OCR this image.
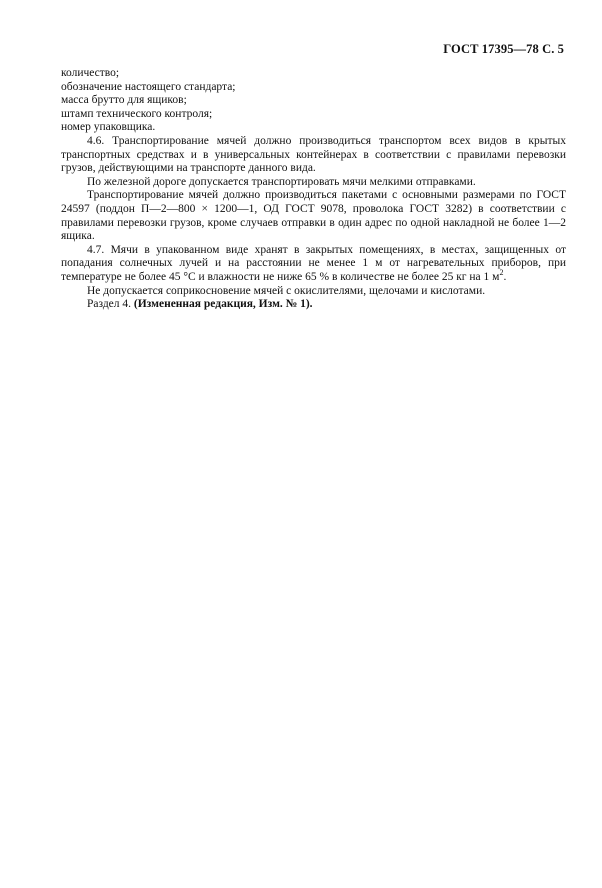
ГОСТ 17395—78 С. 5
количество;
обозначение настоящего стандарта;
масса брутто для ящиков;
штамп технического контроля;
номер упаковщика.

4.6. Транспортирование мячей должно производиться транспортом всех видов в крытых транспортных средствах и в универсальных контейнерах в соответствии с правилами перевозки грузов, действующими на транспорте данного вида.

По железной дороге допускается транспортировать мячи мелкими отправками.

Транспортирование мячей должно производиться пакетами с основными размерами по ГОСТ 24597 (поддон П—2—800 × 1200—1, ОД ГОСТ 9078, проволока ГОСТ 3282) в соответствии с правилами перевозки грузов, кроме случаев отправки в один адрес по одной накладной не более 1—2 ящика.

4.7. Мячи в упакованном виде хранят в закрытых помещениях, в местах, защищенных от попадания солнечных лучей и на расстоянии не менее 1 м от нагревательных приборов, при температуре не более 45 °С и влажности не ниже 65 % в количестве не более 25 кг на 1 $м^2$.

Не допускается соприкосновение мячей с окислителями, щелочами и кислотами.

Раздел 4. (Измененная редакция, Изм. № 1).
